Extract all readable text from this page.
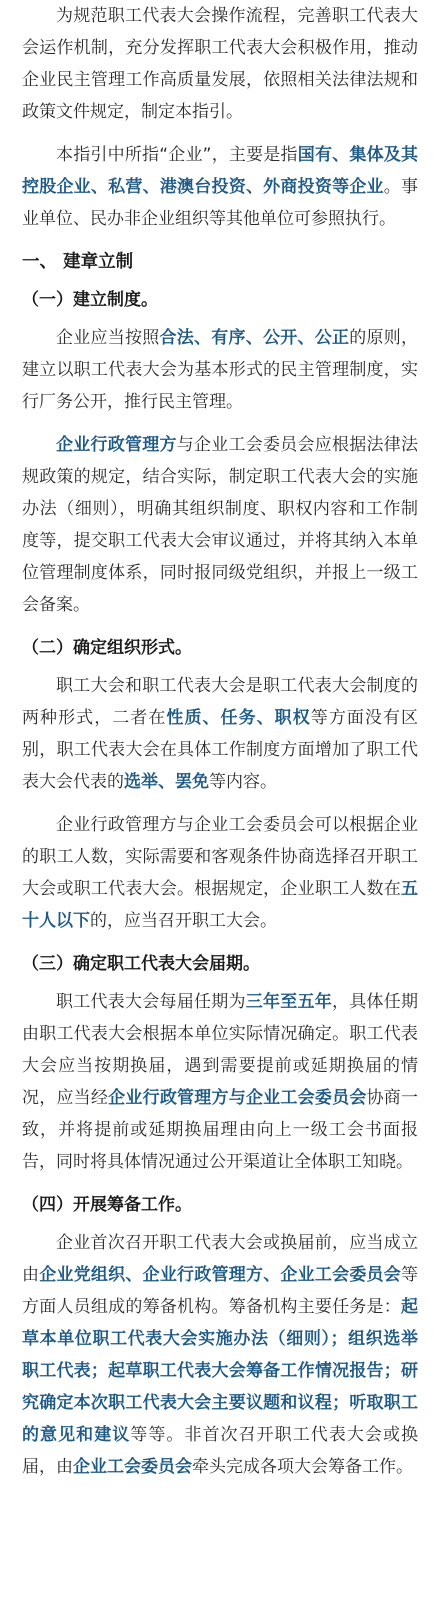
为规范职工代表大会操作流程，完善职工代表大会运作机制，充分发挥职工代表大会积极作用，推动企业民主管理工作高质量发展，依照相关法律法规和政策文件规定，制定本指引。

本指引中所指“企业”，主要是指国有、集体及其控股企业、私营、港澳台投资、外商投资等企业。事业单位、民办非企业组织等其他单位可参照执行。

一、 建章立制
（一）建立制度。

企业应当按照合法、有序、公开、公正的原则，建立以职工代表大会为基本形式的民主管理制度，实行厂务公开，推行民主管理。

企业行政管理方与企业工会委员会应根据法律法规政策的规定，结合实际，制定职工代表大会的实施办法（细则），明确其组织制度、职权内容和工作制度等，提交职工代表大会审议通过，并将其纳入本单位管理制度体系，同时报同级党组织，并报上一级工会备案。

（二）确定组织形式。

职工大会和职工代表大会是职工代表大会制度的两种形式，二者在性质、任务、职权等方面没有区别，职工代表大会在具体工作制度方面增加了职工代表大会代表的选举、罢免等内容。

企业行政管理方与企业工会委员会可以根据企业的职工人数，实际需要和客观条件协商选择召开职工大会或职工代表大会。根据规定，企业职工人数在五十人以下的，应当召开职工大会。

（三）确定职工代表大会届期。

职工代表大会每届任期为三年至五年，具体任期由职工代表大会根据本单位实际情况确定。职工代表大会应当按期换届，遇到需要提前或延期换届的情况，应当经企业行政管理方与企业工会委员会协商一致，并将提前或延期换届理由向上一级工会书面报告，同时将具体情况通过公开渠道让全体职工知晓。

（四）开展筹备工作。

企业首次召开职工代表大会或换届前，应当成立由企业党组织、企业行政管理方、企业工会委员会等方面人员组成的筹备机构。筹备机构主要任务是：起草本单位职工代表大会实施办法（细则）；组织选举职工代表；起草职工代表大会筹备工作情况报告；研究确定本次职工代表大会主要议题和议程；听取职工的意见和建议等等。非首次召开职工代表大会或换届，由企业工会委员会牵头完成各项大会筹备工作。
